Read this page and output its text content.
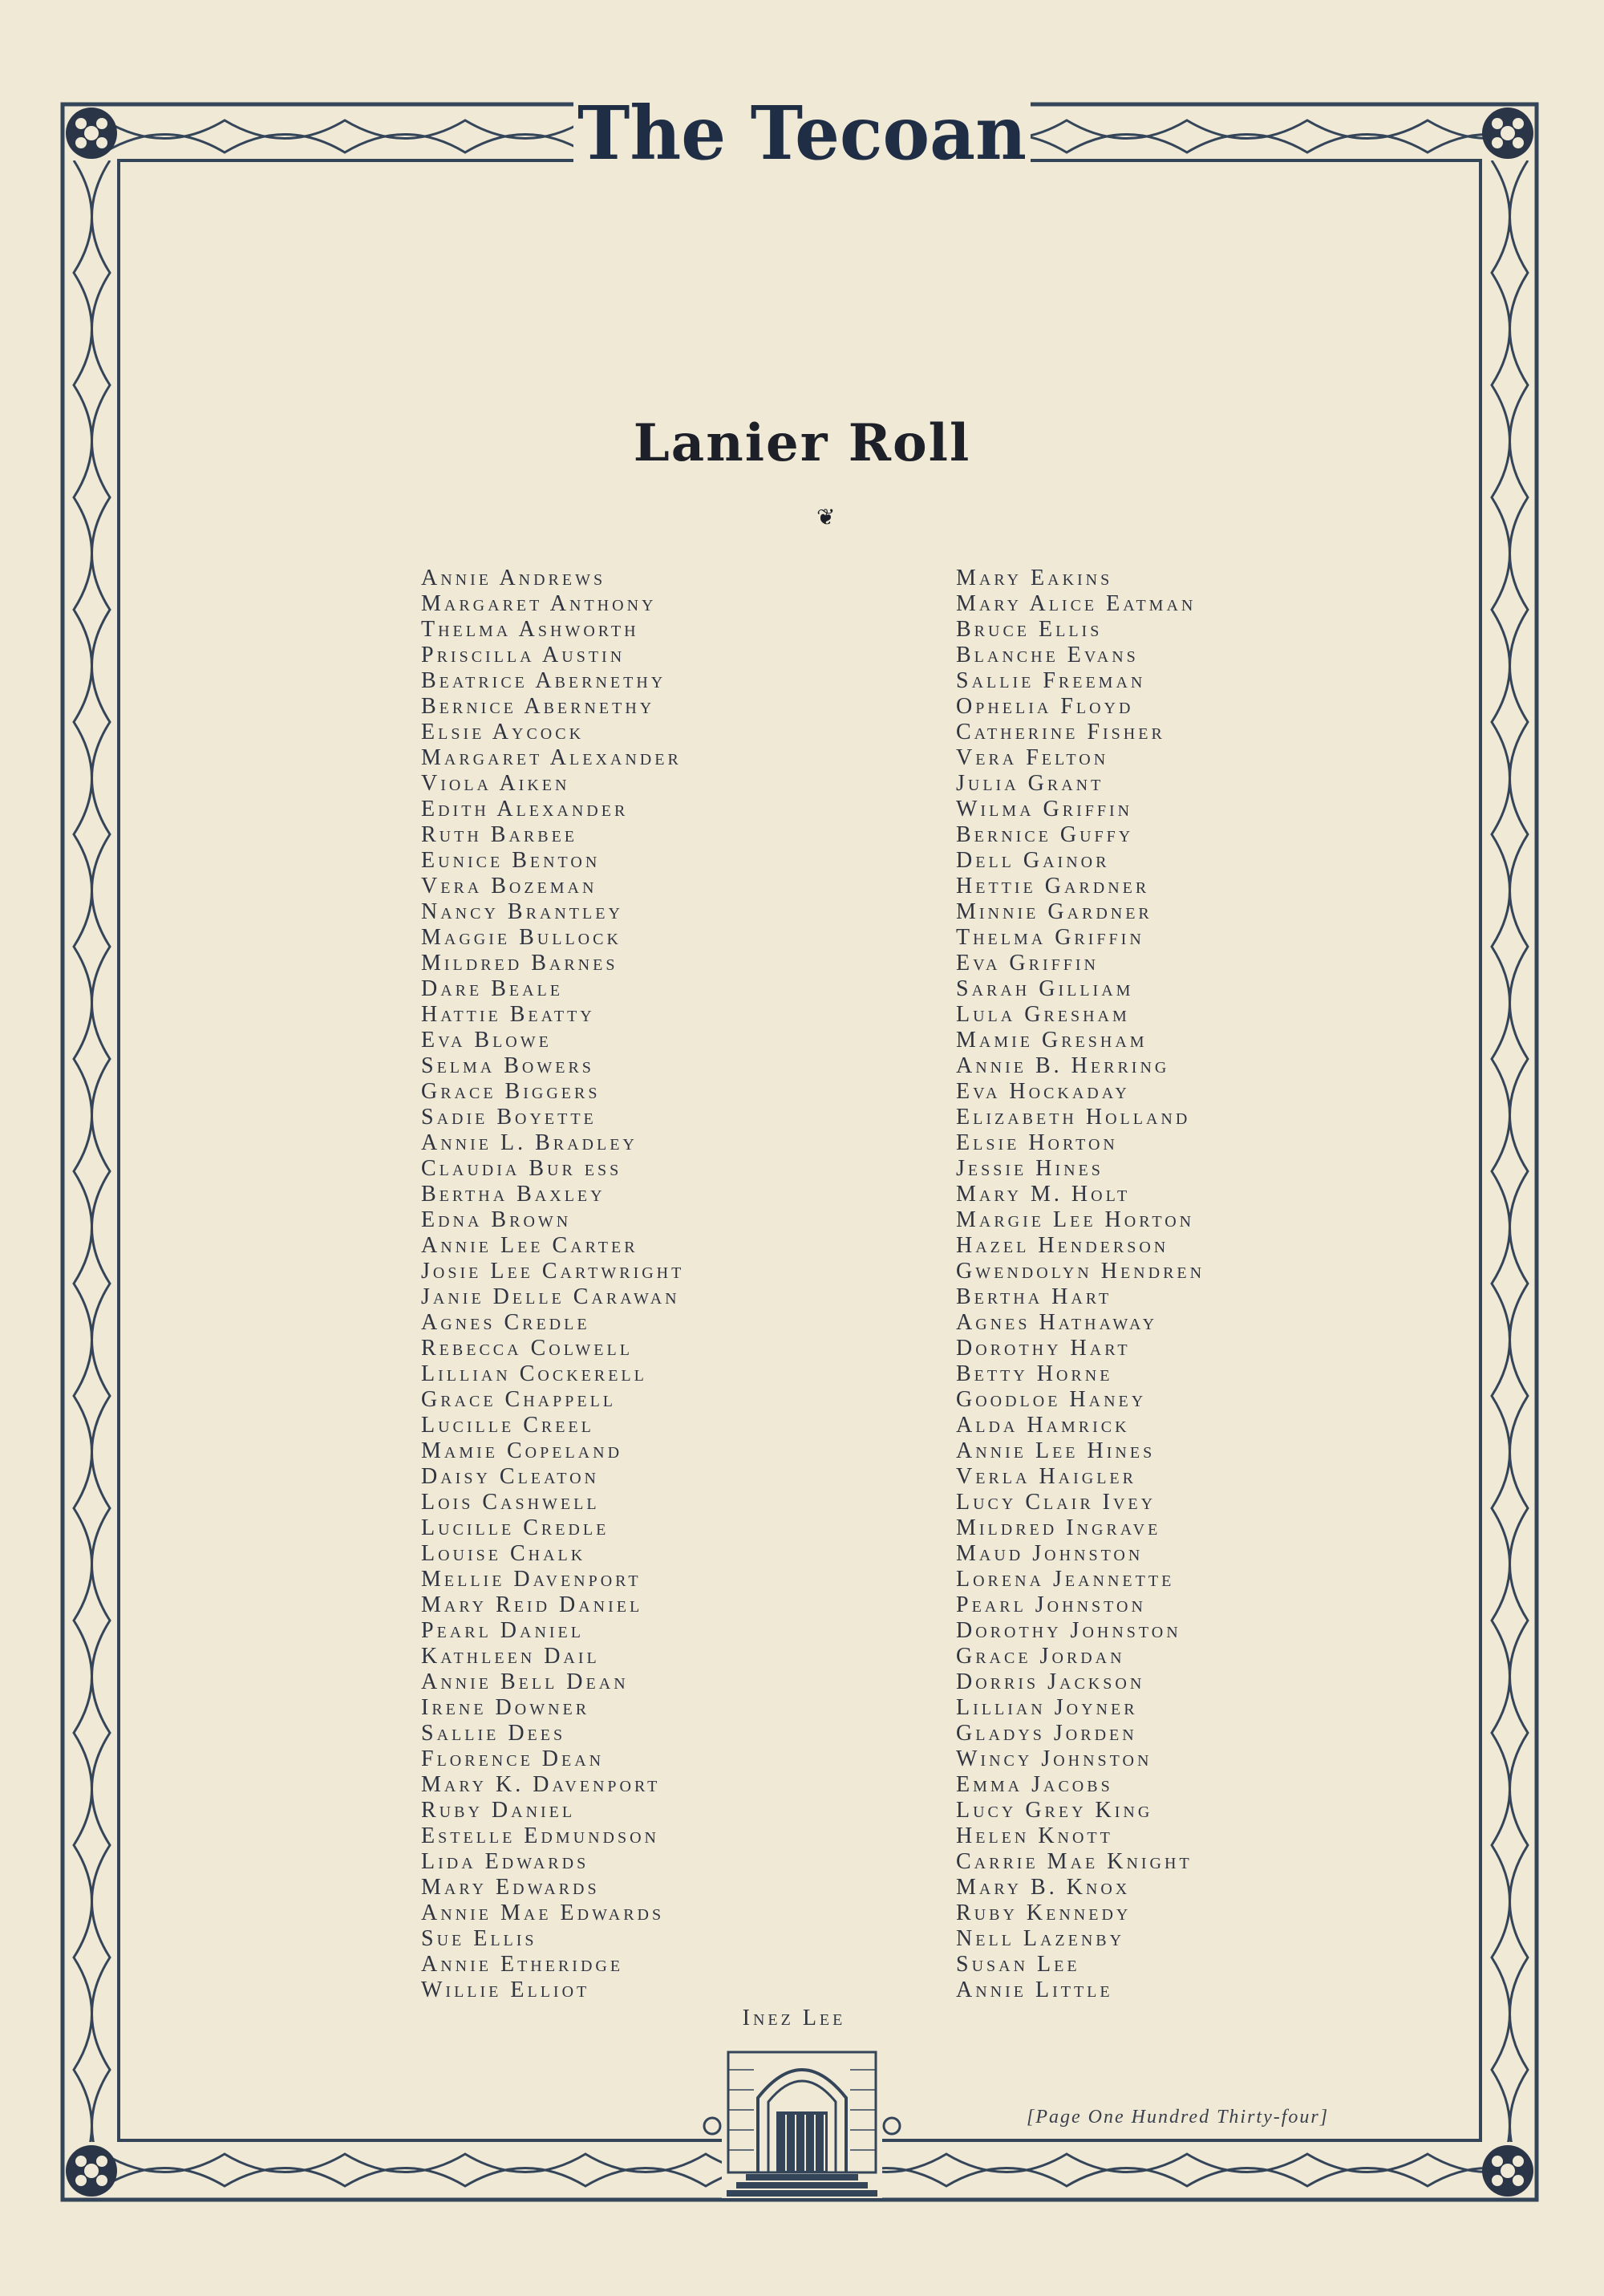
The Tecoan
Lanier Roll
❦
Annie Andrews
Margaret Anthony
Thelma Ashworth
Priscilla Austin
Beatrice Abernethy
Bernice Abernethy
Elsie Aycock
Margaret Alexander
Viola Aiken
Edith Alexander
Ruth Barbee
Eunice Benton
Vera Bozeman
Nancy Brantley
Maggie Bullock
Mildred Barnes
Dare Beale
Hattie Beatty
Eva Blowe
Selma Bowers
Grace Biggers
Sadie Boyette
Annie L. Bradley
Claudia Bur ess
Bertha Baxley
Edna Brown
Annie Lee Carter
Josie Lee Cartwright
Janie Delle Carawan
Agnes Credle
Rebecca Colwell
Lillian Cockerell
Grace Chappell
Lucille Creel
Mamie Copeland
Daisy Cleaton
Lois Cashwell
Lucille Credle
Louise Chalk
Mellie Davenport
Mary Reid Daniel
Pearl Daniel
Kathleen Dail
Annie Bell Dean
Irene Downer
Sallie Dees
Florence Dean
Mary K. Davenport
Ruby Daniel
Estelle Edmundson
Lida Edwards
Mary Edwards
Annie Mae Edwards
Sue Ellis
Annie Etheridge
Willie Elliot
Mary Eakins
Mary Alice Eatman
Bruce Ellis
Blanche Evans
Sallie Freeman
Ophelia Floyd
Catherine Fisher
Vera Felton
Julia Grant
Wilma Griffin
Bernice Guffy
Dell Gainor
Hettie Gardner
Minnie Gardner
Thelma Griffin
Eva Griffin
Sarah Gilliam
Lula Gresham
Mamie Gresham
Annie B. Herring
Eva Hockaday
Elizabeth Holland
Elsie Horton
Jessie Hines
Mary M. Holt
Margie Lee Horton
Hazel Henderson
Gwendolyn Hendren
Bertha Hart
Agnes Hathaway
Dorothy Hart
Betty Horne
Goodloe Haney
Alda Hamrick
Annie Lee Hines
Verla Haigler
Lucy Clair Ivey
Mildred Ingrave
Maud Johnston
Lorena Jeannette
Pearl Johnston
Dorothy Johnston
Grace Jordan
Dorris Jackson
Lillian Joyner
Gladys Jorden
Wincy Johnston
Emma Jacobs
Lucy Grey King
Helen Knott
Carrie Mae Knight
Mary B. Knox
Ruby Kennedy
Nell Lazenby
Susan Lee
Annie Little
Inez Lee
[Page One Hundred Thirty-four]
